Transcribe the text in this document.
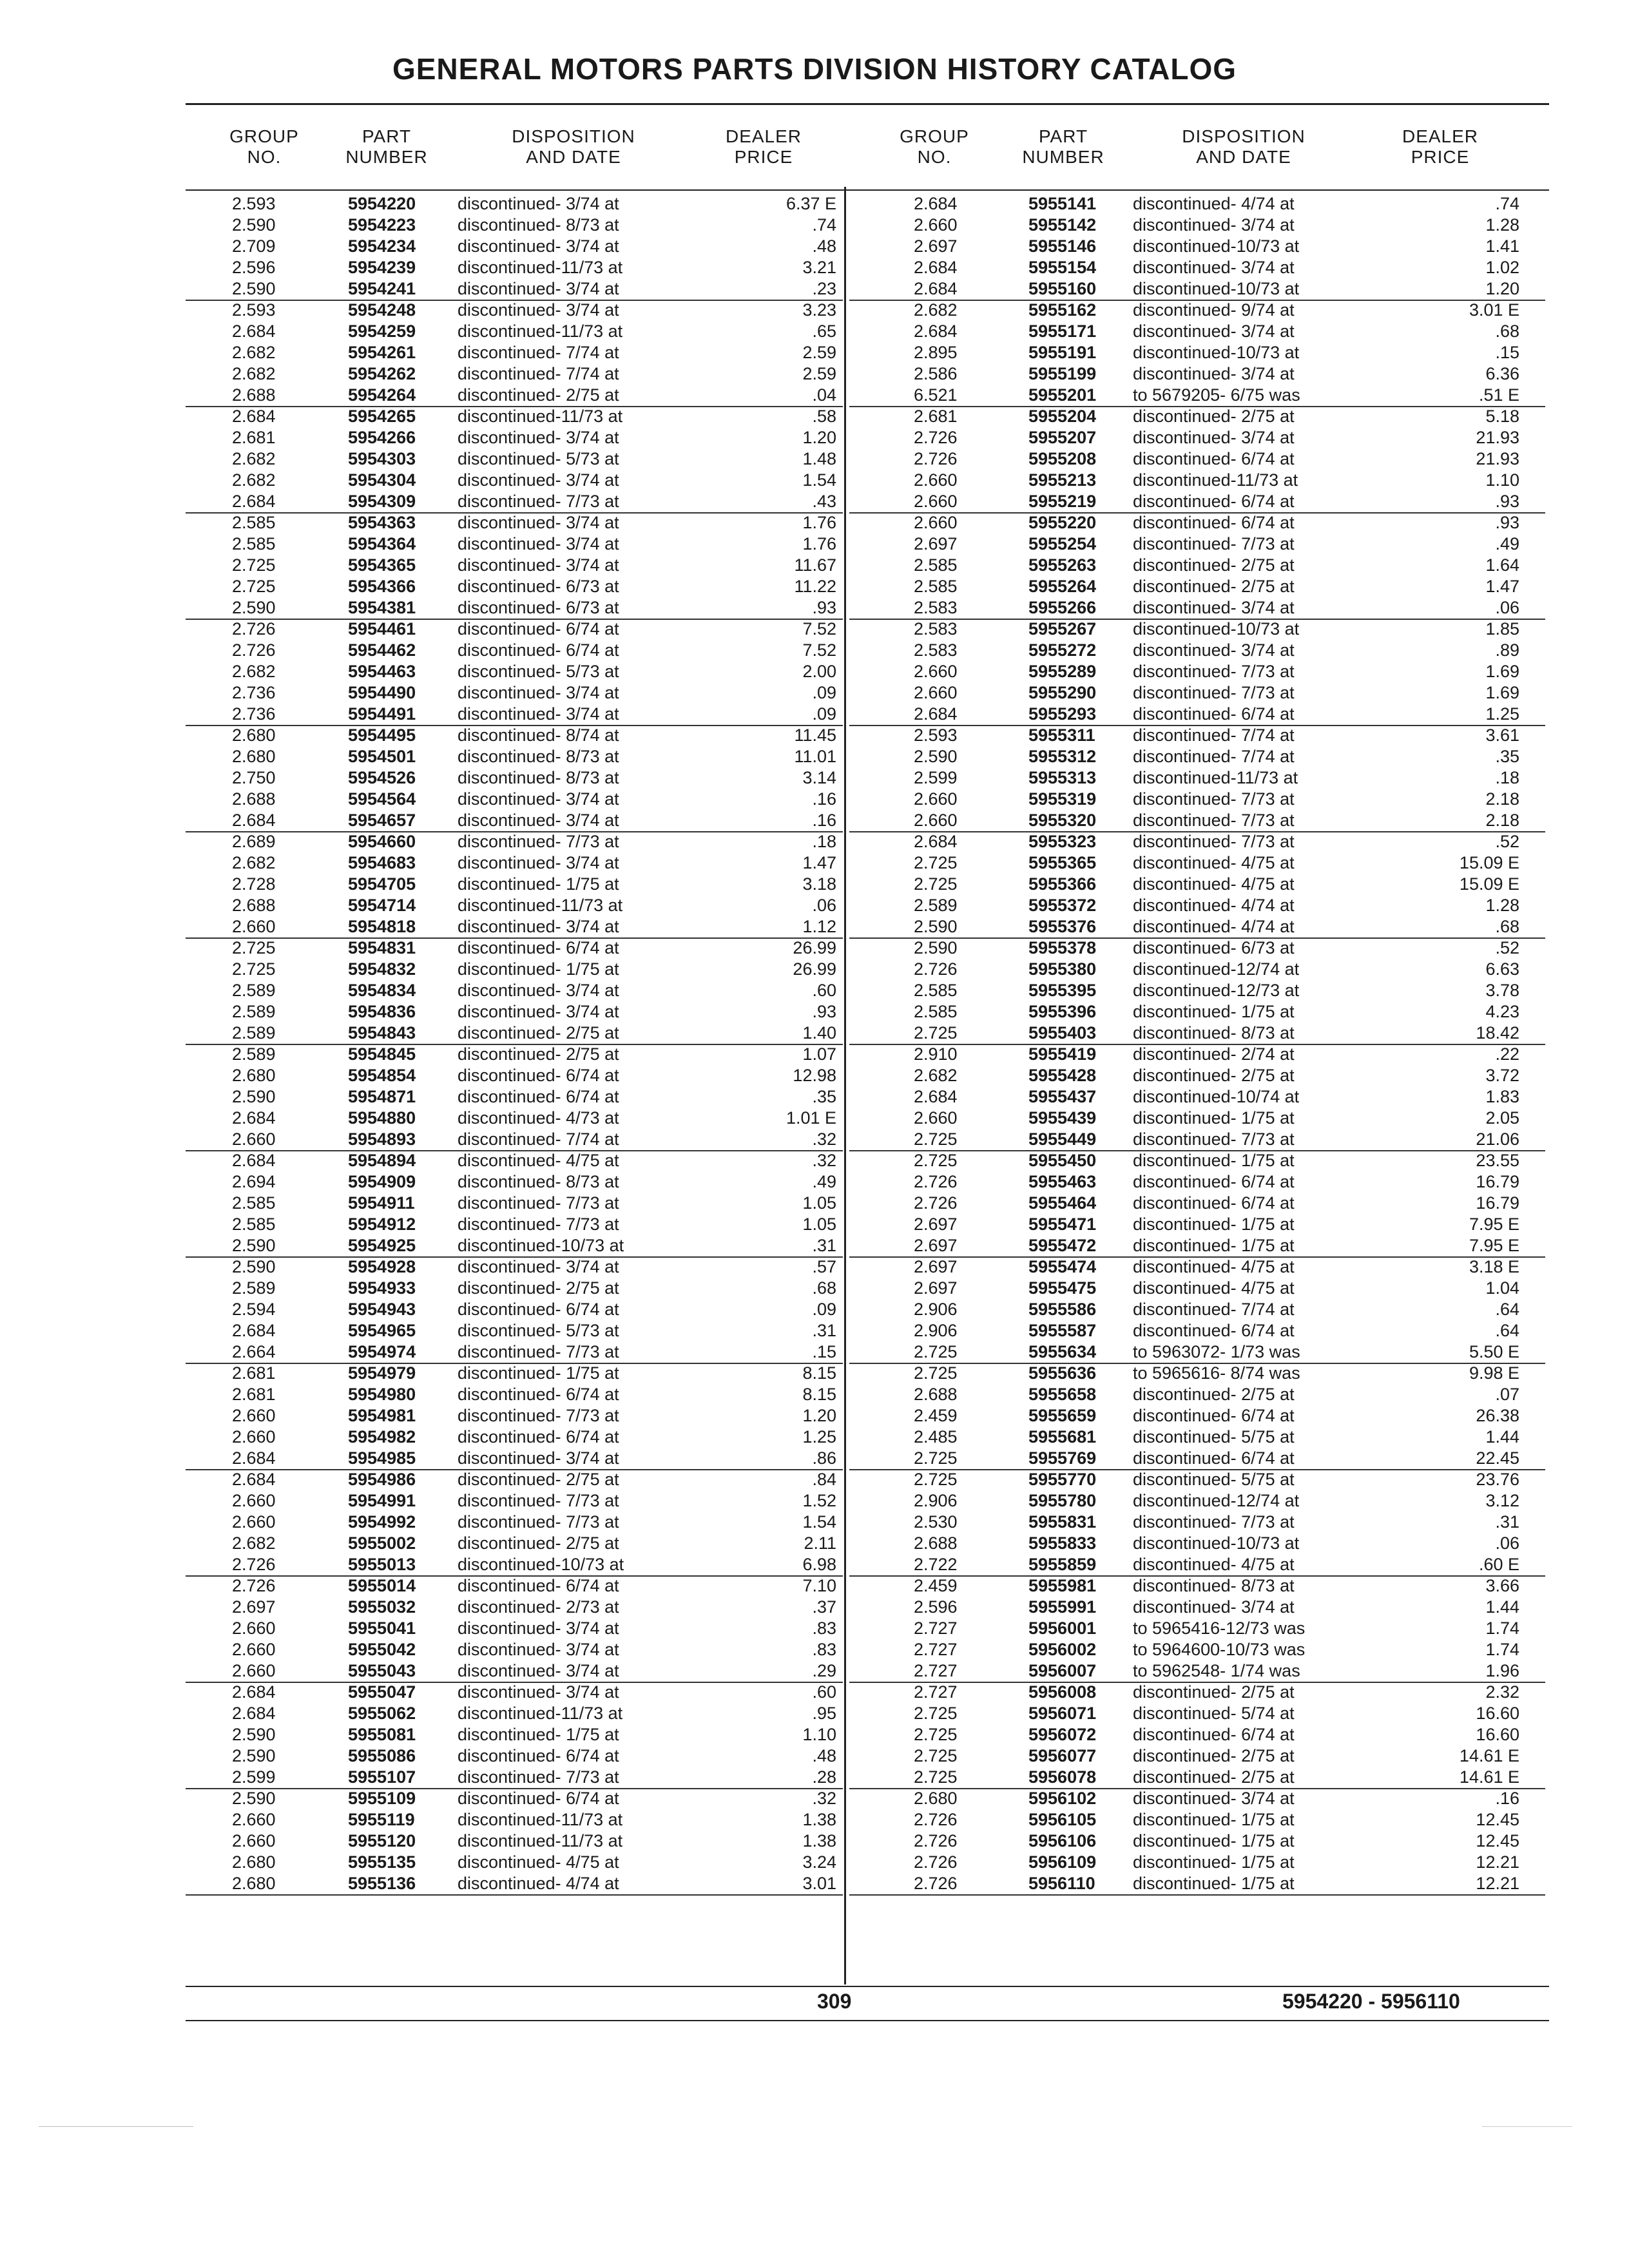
GENERAL MOTORS PARTS DIVISION HISTORY CATALOG
GROUP
NO.
PART
NUMBER
DISPOSITION
AND DATE
DEALER
PRICE
GROUP
NO.
PART
NUMBER
DISPOSITION
AND DATE
DEALER
PRICE
2.593	5954220 discontinued- 3/74 at	6.37 E
2.590	5954223 discontinued- 8/73 at	.74
2.709	5954234 discontinued- 3/74 at	.48
2.596	5954239 discontinued-11/73 at	3.21
2.590	5954241 discontinued- 3/74 at	.23
2.593	5954248 discontinued- 3/74 at	3.23
2.684	5954259 discontinued-11/73 at	.65
2.682	5954261 discontinued- 7/74 at	2.59
2.682	5954262 discontinued- 7/74 at	2.59
2.688	5954264 discontinued- 2/75 at	.04
2.684	5954265 discontinued-11/73 at	.58
2.681	5954266 discontinued- 3/74 at	1.20
2.682	5954303 discontinued- 5/73 at	1.48
2.682	5954304 discontinued- 3/74 at	1.54
2.684	5954309 discontinued- 7/73 at	.43
2.585	5954363 discontinued- 3/74 at	1.76
2.585	5954364 discontinued- 3/74 at	1.76
2.725	5954365 discontinued- 3/74 at	11.67
2.725	5954366 discontinued- 6/73 at	11.22
2.590	5954381 discontinued- 6/73 at	.93
2.726	5954461 discontinued- 6/74 at	7.52
2.726	5954462 discontinued- 6/74 at	7.52
2.682	5954463 discontinued- 5/73 at	2.00
2.736	5954490 discontinued- 3/74 at	.09
2.736	5954491 discontinued- 3/74 at	.09
2.680	5954495 discontinued- 8/74 at	11.45
2.680	5954501 discontinued- 8/73 at	11.01
2.750	5954526 discontinued- 8/73 at	3.14
2.688	5954564 discontinued- 3/74 at	.16
2.684	5954657 discontinued- 3/74 at	.16
2.689	5954660 discontinued- 7/73 at	.18
2.682	5954683 discontinued- 3/74 at	1.47
2.728	5954705 discontinued- 1/75 at	3.18
2.688	5954714 discontinued-11/73 at	.06
2.660	5954818 discontinued- 3/74 at	1.12
2.725	5954831 discontinued- 6/74 at	26.99
2.725	5954832 discontinued- 1/75 at	26.99
2.589	5954834 discontinued- 3/74 at	.60
2.589	5954836 discontinued- 3/74 at	.93
2.589	5954843 discontinued- 2/75 at	1.40
2.589	5954845 discontinued- 2/75 at	1.07
2.680	5954854 discontinued- 6/74 at	12.98
2.590	5954871 discontinued- 6/74 at	.35
2.684	5954880 discontinued- 4/73 at	1.01 E
2.660	5954893 discontinued- 7/74 at	.32
2.684	5954894 discontinued- 4/75 at	.32
2.694	5954909 discontinued- 8/73 at	.49
2.585	5954911 discontinued- 7/73 at	1.05
2.585	5954912 discontinued- 7/73 at	1.05
2.590	5954925 discontinued-10/73 at	.31
2.590	5954928 discontinued- 3/74 at	.57
2.589	5954933 discontinued- 2/75 at	.68
2.594	5954943 discontinued- 6/74 at	.09
2.684	5954965 discontinued- 5/73 at	.31
2.664	5954974 discontinued- 7/73 at	.15
2.681	5954979 discontinued- 1/75 at	8.15
2.681	5954980 discontinued- 6/74 at	8.15
2.660	5954981 discontinued- 7/73 at	1.20
2.660	5954982 discontinued- 6/74 at	1.25
2.684	5954985 discontinued- 3/74 at	.86
2.684	5954986 discontinued- 2/75 at	.84
2.660	5954991 discontinued- 7/73 at	1.52
2.660	5954992 discontinued- 7/73 at	1.54
2.682	5955002 discontinued- 2/75 at	2.11
2.726	5955013 discontinued-10/73 at	6.98
2.726	5955014 discontinued- 6/74 at	7.10
2.697	5955032 discontinued- 2/73 at	.37
2.660	5955041 discontinued- 3/74 at	.83
2.660	5955042 discontinued- 3/74 at	.83
2.660	5955043 discontinued- 3/74 at	.29
2.684	5955047 discontinued- 3/74 at	.60
2.684	5955062 discontinued-11/73 at	.95
2.590	5955081 discontinued- 1/75 at	1.10
2.590	5955086 discontinued- 6/74 at	.48
2.599	5955107 discontinued- 7/73 at	.28
2.590	5955109 discontinued- 6/74 at	.32
2.660	5955119 discontinued-11/73 at	1.38
2.660	5955120 discontinued-11/73 at	1.38
2.680	5955135 discontinued- 4/75 at	3.24
2.680	5955136 discontinued- 4/74 at	3.01
2.684	5955141 discontinued- 4/74 at	.74
2.660	5955142 discontinued- 3/74 at	1.28
2.697	5955146 discontinued-10/73 at	1.41
2.684	5955154 discontinued- 3/74 at	1.02
2.684	5955160 discontinued-10/73 at	1.20
2.682	5955162 discontinued- 9/74 at	3.01 E
2.684	5955171 discontinued- 3/74 at	.68
2.895	5955191 discontinued-10/73 at	.15
2.586	5955199 discontinued- 3/74 at	6.36
6.521	5955201 to 5679205- 6/75 was	.51 E
2.681	5955204 discontinued- 2/75 at	5.18
2.726	5955207 discontinued- 3/74 at	21.93
2.726	5955208 discontinued- 6/74 at	21.93
2.660	5955213 discontinued-11/73 at	1.10
2.660	5955219 discontinued- 6/74 at	.93
2.660	5955220 discontinued- 6/74 at	.93
2.697	5955254 discontinued- 7/73 at	.49
2.585	5955263 discontinued- 2/75 at	1.64
2.585	5955264 discontinued- 2/75 at	1.47
2.583	5955266 discontinued- 3/74 at	.06
2.583	5955267 discontinued-10/73 at	1.85
2.583	5955272 discontinued- 3/74 at	.89
2.660	5955289 discontinued- 7/73 at	1.69
2.660	5955290 discontinued- 7/73 at	1.69
2.684	5955293 discontinued- 6/74 at	1.25
2.593	5955311 discontinued- 7/74 at	3.61
2.590	5955312 discontinued- 7/74 at	.35
2.599	5955313 discontinued-11/73 at	.18
2.660	5955319 discontinued- 7/73 at	2.18
2.660	5955320 discontinued- 7/73 at	2.18
2.684	5955323 discontinued- 7/73 at	.52
2.725	5955365 discontinued- 4/75 at	15.09 E
2.725	5955366 discontinued- 4/75 at	15.09 E
2.589	5955372 discontinued- 4/74 at	1.28
2.590	5955376 discontinued- 4/74 at	.68
2.590	5955378 discontinued- 6/73 at	.52
2.726	5955380 discontinued-12/74 at	6.63
2.585	5955395 discontinued-12/73 at	3.78
2.585	5955396 discontinued- 1/75 at	4.23
2.725	5955403 discontinued- 8/73 at	18.42
2.910	5955419 discontinued- 2/74 at	.22
2.682	5955428 discontinued- 2/75 at	3.72
2.684	5955437 discontinued-10/74 at	1.83
2.660	5955439 discontinued- 1/75 at	2.05
2.725	5955449 discontinued- 7/73 at	21.06
2.725	5955450 discontinued- 1/75 at	23.55
2.726	5955463 discontinued- 6/74 at	16.79
2.726	5955464 discontinued- 6/74 at	16.79
2.697	5955471 discontinued- 1/75 at	7.95 E
2.697	5955472 discontinued- 1/75 at	7.95 E
2.697	5955474 discontinued- 4/75 at	3.18 E
2.697	5955475 discontinued- 4/75 at	1.04
2.906	5955586 discontinued- 7/74 at	.64
2.906	5955587 discontinued- 6/74 at	.64
2.725	5955634 to 5963072- 1/73 was	5.50 E
2.725	5955636 to 5965616- 8/74 was	9.98 E
2.688	5955658 discontinued- 2/75 at	.07
2.459	5955659 discontinued- 6/74 at	26.38
2.485	5955681 discontinued- 5/75 at	1.44
2.725	5955769 discontinued- 6/74 at	22.45
2.725	5955770 discontinued- 5/75 at	23.76
2.906	5955780 discontinued-12/74 at	3.12
2.530	5955831 discontinued- 7/73 at	.31
2.688	5955833 discontinued-10/73 at	.06
2.722	5955859 discontinued- 4/75 at	.60 E
2.459	5955981 discontinued- 8/73 at	3.66
2.596	5955991 discontinued- 3/74 at	1.44
2.727	5956001 to 5965416-12/73 was	1.74
2.727	5956002 to 5964600-10/73 was	1.74
2.727	5956007 to 5962548- 1/74 was	1.96
2.727	5956008 discontinued- 2/75 at	2.32
2.725	5956071 discontinued- 5/74 at	16.60
2.725	5956072 discontinued- 6/74 at	16.60
2.725	5956077 discontinued- 2/75 at	14.61 E
2.725	5956078 discontinued- 2/75 at	14.61 E
2.680	5956102 discontinued- 3/74 at	.16
2.726	5956105 discontinued- 1/75 at	12.45
2.726	5956106 discontinued- 1/75 at	12.45
2.726	5956109 discontinued- 1/75 at	12.21
2.726	5956110 discontinued- 1/75 at	12.21
309	5954220 - 5956110
